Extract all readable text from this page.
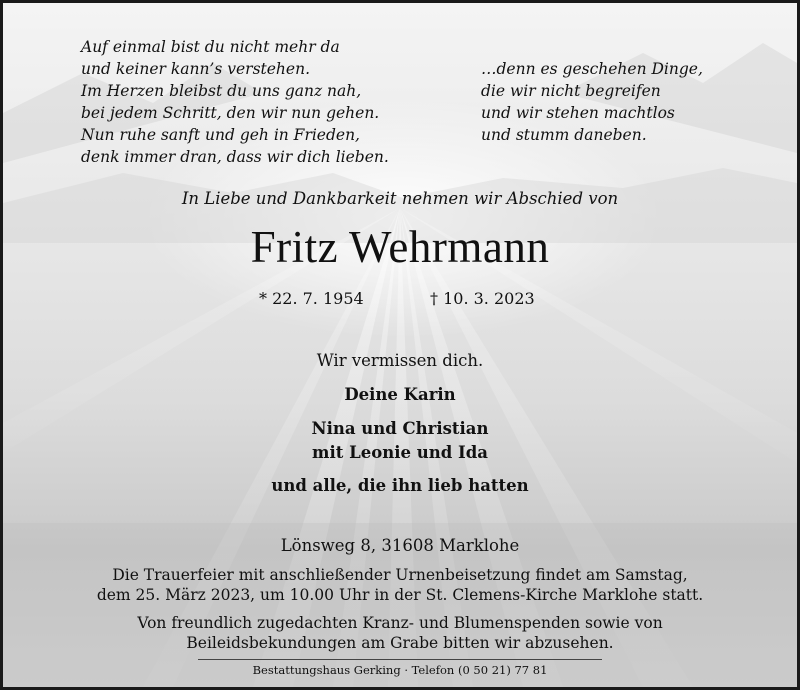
Auf einmal bist du nicht mehr da
und keiner kann’s verstehen.
Im Herzen bleibst du uns ganz nah,
bei jedem Schritt, den wir nun gehen.
Nun ruhe sanft und geh in Frieden,
denk immer dran, dass wir dich lieben.
…denn es geschehen Dinge,
die wir nicht begreifen
und wir stehen machtlos
und stumm daneben.
In Liebe und Dankbarkeit nehmen wir Abschied von
Fritz Wehrmann
* 22. 7. 1954	† 10. 3. 2023
Wir vermissen dich.
Deine Karin
Nina und Christian
mit Leonie und Ida
und alle, die ihn lieb hatten
Lönsweg 8, 31608 Marklohe
Die Trauerfeier mit anschließender Urnenbeisetzung findet am Samstag,
dem 25. März 2023, um 10.00 Uhr in der St. Clemens-Kirche Marklohe statt.
Von freundlich zugedachten Kranz- und Blumenspenden sowie von
Beileidsbekundungen am Grabe bitten wir abzusehen.
Bestattungshaus Gerking · Telefon (0 50 21) 77 81
